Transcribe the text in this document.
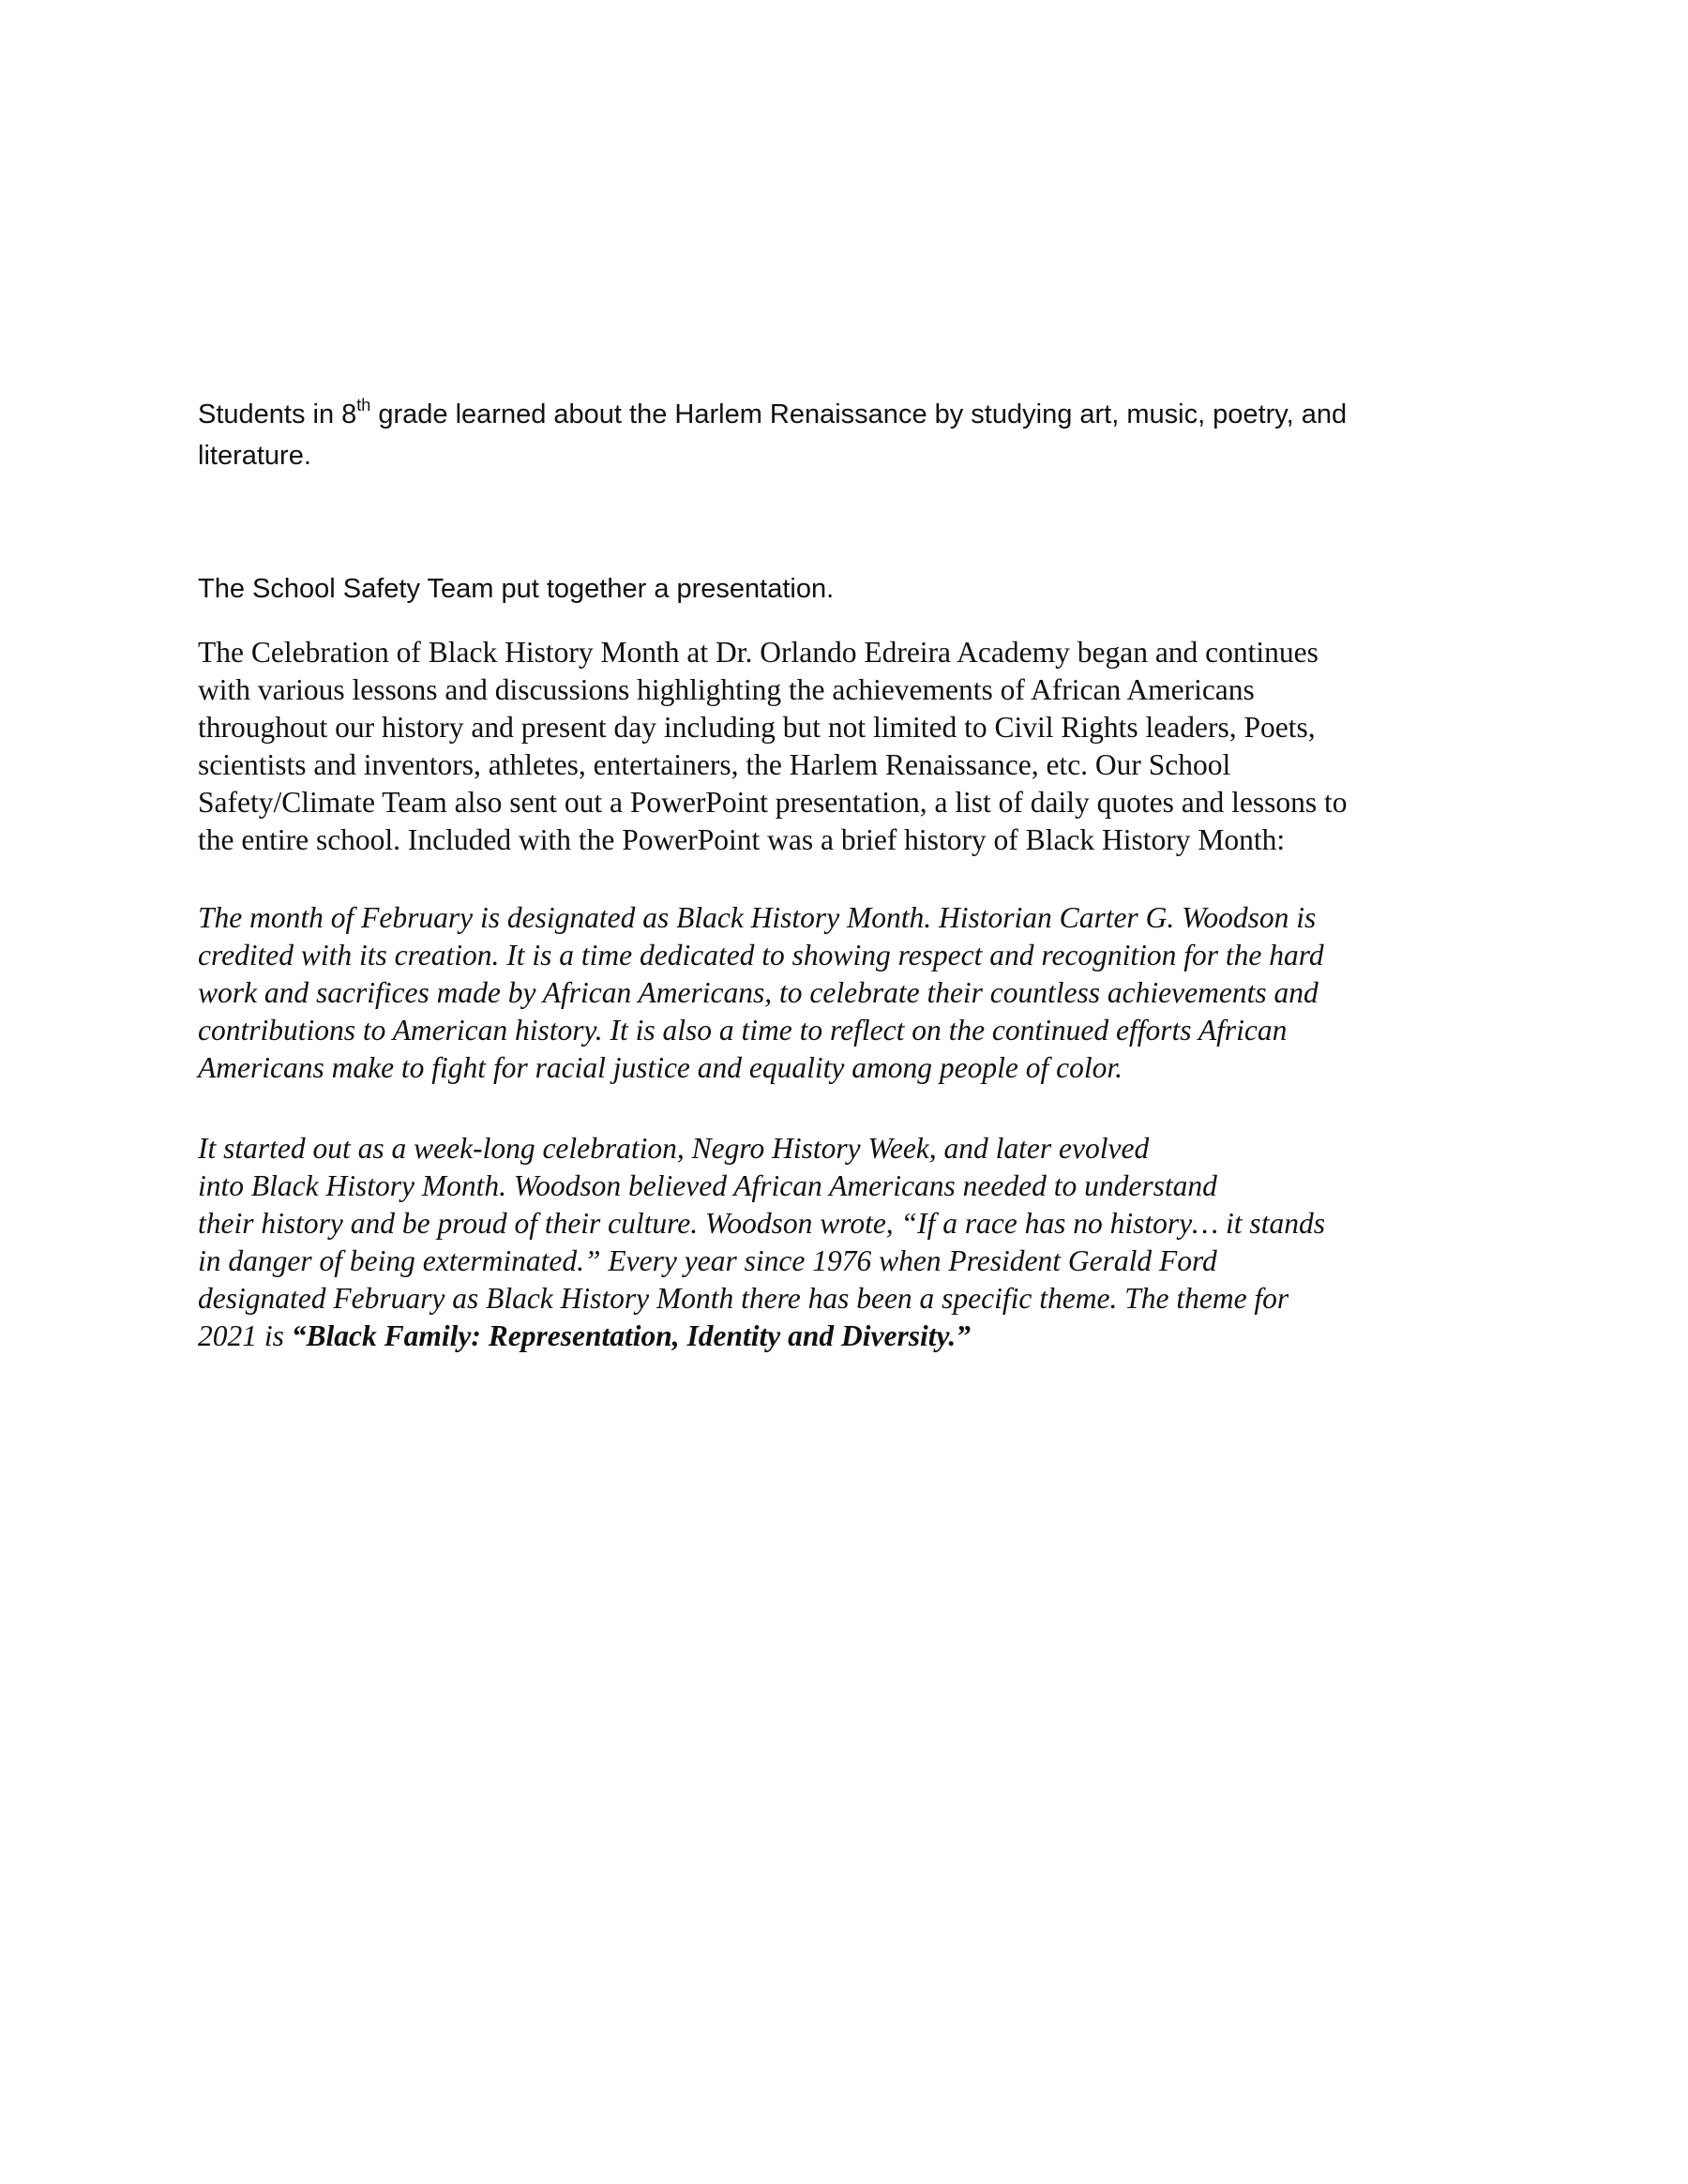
Students in 8th grade learned about the Harlem Renaissance by studying art, music, poetry, and
literature.

The School Safety Team put together a presentation.

The Celebration of Black History Month at Dr. Orlando Edreira Academy began and continues
with various lessons and discussions highlighting the achievements of African Americans
throughout our history and present day including but not limited to Civil Rights leaders, Poets,
scientists and inventors, athletes, entertainers, the Harlem Renaissance, etc. Our School
Safety/Climate Team also sent out a PowerPoint presentation, a list of daily quotes and lessons to
the entire school. Included with the PowerPoint was a brief history of Black History Month:

The month of February is designated as Black History Month. Historian Carter G. Woodson is
credited with its creation. It is a time dedicated to showing respect and recognition for the hard
work and sacrifices made by African Americans, to celebrate their countless achievements and
contributions to American history. It is also a time to reflect on the continued efforts African
Americans make to fight for racial justice and equality among people of color.

It started out as a week-long celebration, Negro History Week, and later evolved
into Black History Month. Woodson believed African Americans needed to understand
their history and be proud of their culture. Woodson wrote, “If a race has no history… it stands
in danger of being exterminated.” Every year since 1976 when President Gerald Ford
designated February as Black History Month there has been a specific theme. The theme for
2021 is “Black Family: Representation, Identity and Diversity.”
